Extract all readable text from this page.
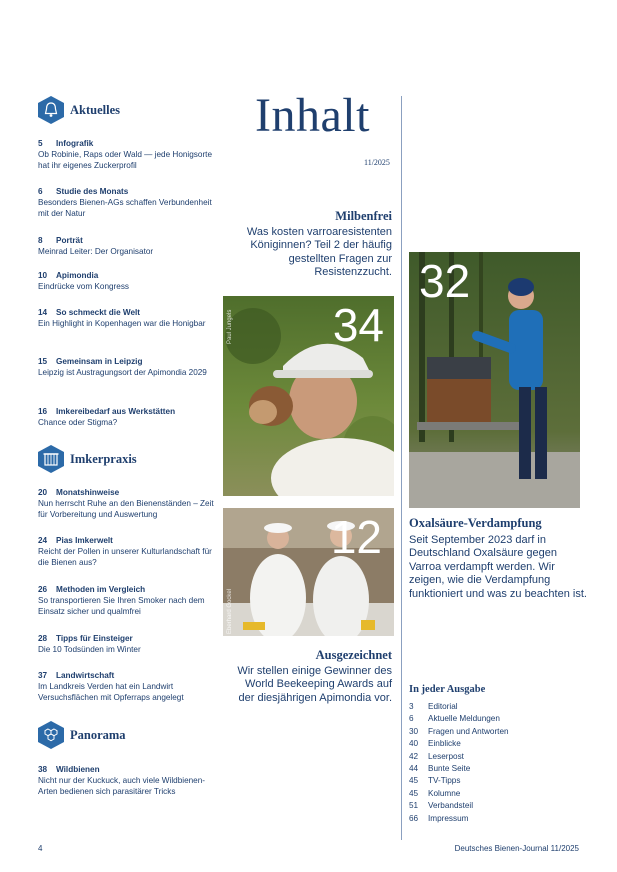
Aktuelles
5	Infografik
Ob Robinie, Raps oder Wald — jede Honigsorte hat ihr eigenes Zuckerprofil
6	Studie des Monats
Besonders Bienen-AGs schaffen Verbundenheit mit der Natur
8	Porträt
Meinrad Leiter: Der Organisator
10	Apimondia
Eindrücke vom Kongress
14	So schmeckt die Welt
Ein Highlight in Kopenhagen war die Honigbar
15	Gemeinsam in Leipzig
Leipzig ist Austragungsort der Apimondia 2029
16	Imkereibedarf aus Werkstätten
Chance oder Stigma?
Imkerpraxis
20	Monatshinweise
Nun herrscht Ruhe an den Bienenständen – Zeit für Vorbereitung und Auswertung
24	Pias Imkerwelt
Reicht der Pollen in unserer Kulturlandschaft für die Bienen aus?
26	Methoden im Vergleich
So transportieren Sie Ihren Smoker nach dem Einsatz sicher und qualmfrei
28	Tipps für Einsteiger
Die 10 Todsünden im Winter
37	Landwirtschaft
Im Landkreis Verden hat ein Landwirt Versuchsflächen mit Opferraps angelegt
Panorama
38	Wildbienen
Nicht nur der Kuckuck, auch viele Wildbienen-Arten bedienen sich parasitärer Tricks
Inhalt
11/2025
Milbenfrei
Was kosten varroaresistenten Königinnen? Teil 2 der häufig gestellten Fragen zur Resistenzzucht.
34
Paul Jungels
12
Eberhard Gockel
Ausgezeichnet
Wir stellen einige Gewinner des World Beekeeping Awards auf der diesjährigen Apimondia vor.
32
Oxalsäure-Verdampfung
Seit September 2023 darf in Deutschland Oxalsäure gegen Varroa verdampft werden. Wir zeigen, wie die Verdampfung funktioniert und was zu beachten ist.
In jeder Ausgabe
3	Editorial
6	Aktuelle Meldungen
30	Fragen und Antworten
40	Einblicke
42	Leserpost
44	Bunte Seite
45	TV-Tipps
45	Kolumne
51	Verbandsteil
66	Impressum
4	Deutsches Bienen-Journal 11/2025
